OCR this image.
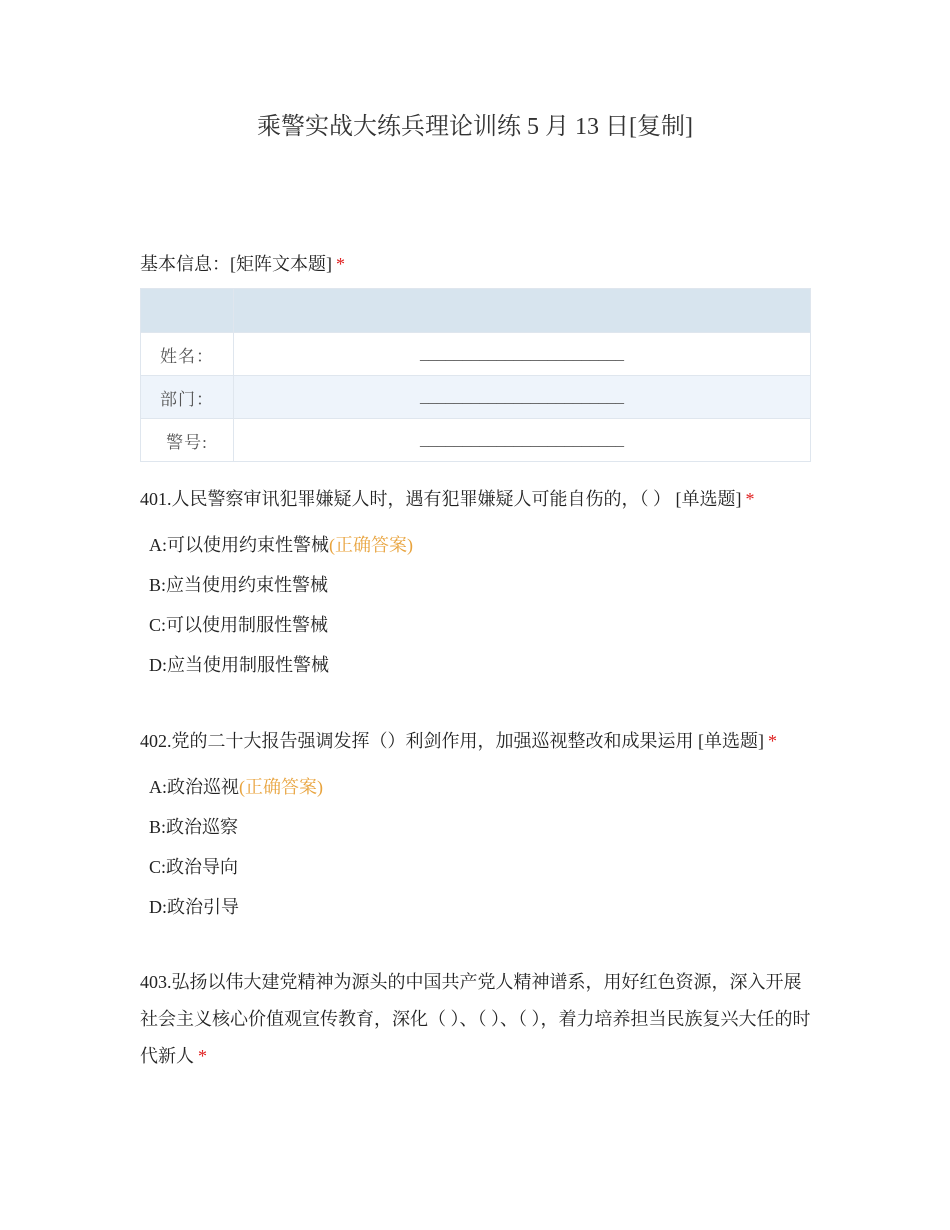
乘警实战大练兵理论训练 5 月 13 日[复制]
基本信息：[矩阵文本题] *

姓名：	________________________
部门：	________________________
警号:	________________________
401.人民警察审讯犯罪嫌疑人时，遇有犯罪嫌疑人可能自伤的，（ ） [单选题] *
A:可以使用约束性警械(正确答案)
B:应当使用约束性警械
C:可以使用制服性警械
D:应当使用制服性警械
402.党的二十大报告强调发挥（）利剑作用，加强巡视整改和成果运用 [单选题] *
A:政治巡视(正确答案)
B:政治巡察
C:政治导向
D:政治引导
403.弘扬以伟大建党精神为源头的中国共产党人精神谱系，用好红色资源，深入开展社会主义核心价值观宣传教育，深化（ ）、（ ）、（ ），着力培养担当民族复兴大任的时代新人 *
